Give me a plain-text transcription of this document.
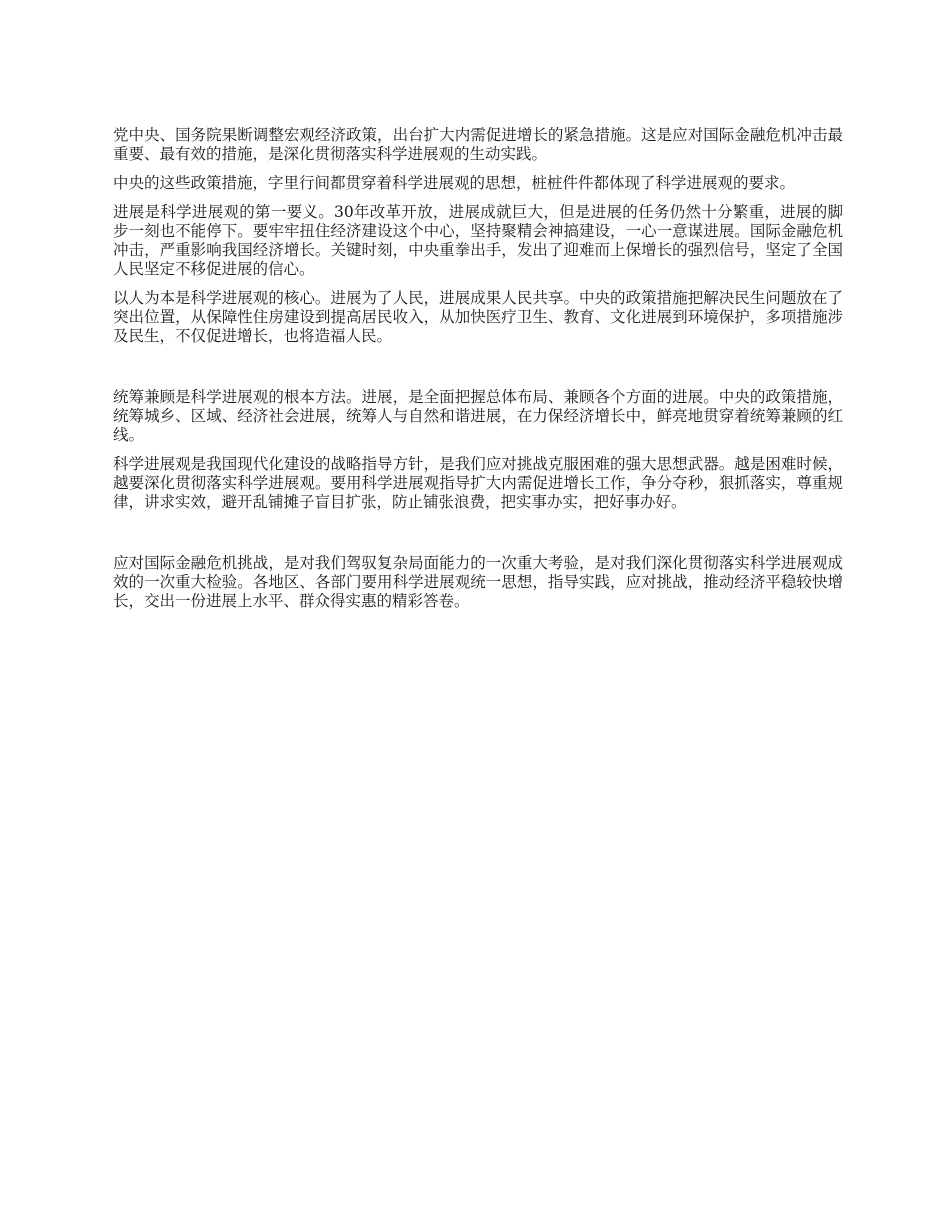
党中央、国务院果断调整宏观经济政策，出台扩大内需促进增长的紧急措施。这是应对国际金融危机冲击最重要、最有效的措施，是深化贯彻落实科学进展观的生动实践。

中央的这些政策措施，字里行间都贯穿着科学进展观的思想，桩桩件件都体现了科学进展观的要求。

进展是科学进展观的第一要义。30年改革开放，进展成就巨大，但是进展的任务仍然十分繁重，进展的脚步一刻也不能停下。要牢牢扭住经济建设这个中心，坚持聚精会神搞建设，一心一意谋进展。国际金融危机冲击，严重影响我国经济增长。关键时刻，中央重拳出手，发出了迎难而上保增长的强烈信号，坚定了全国人民坚定不移促进展的信心。

以人为本是科学进展观的核心。进展为了人民，进展成果人民共享。中央的政策措施把解决民生问题放在了突出位置，从保障性住房建设到提高居民收入，从加快医疗卫生、教育、文化进展到环境保护，多项措施涉及民生，不仅促进增长，也将造福人民。

统筹兼顾是科学进展观的根本方法。进展，是全面把握总体布局、兼顾各个方面的进展。中央的政策措施，统筹城乡、区域、经济社会进展，统筹人与自然和谐进展，在力保经济增长中，鲜亮地贯穿着统筹兼顾的红线。

科学进展观是我国现代化建设的战略指导方针，是我们应对挑战克服困难的强大思想武器。越是困难时候，越要深化贯彻落实科学进展观。要用科学进展观指导扩大内需促进增长工作，争分夺秒，狠抓落实，尊重规律，讲求实效，避开乱铺摊子盲目扩张，防止铺张浪费，把实事办实，把好事办好。

应对国际金融危机挑战，是对我们驾驭复杂局面能力的一次重大考验，是对我们深化贯彻落实科学进展观成效的一次重大检验。各地区、各部门要用科学进展观统一思想，指导实践，应对挑战，推动经济平稳较快增长，交出一份进展上水平、群众得实惠的精彩答卷。
